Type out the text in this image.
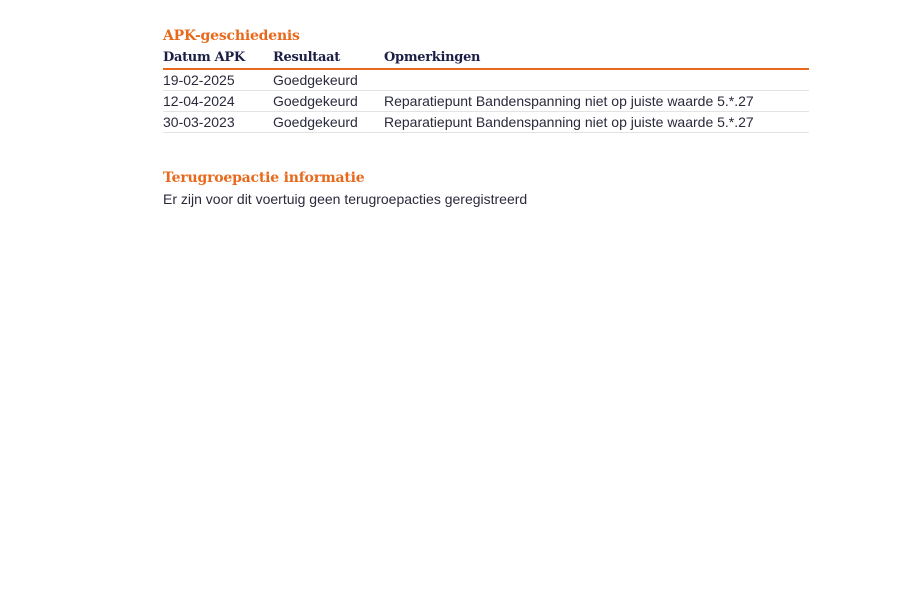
APK-geschiedenis
Datum APK	Resultaat	Opmerkingen
19-02-2025	Goedgekeurd	
12-04-2024	Goedgekeurd	Reparatiepunt Bandenspanning niet op juiste waarde 5.*.27
30-03-2023	Goedgekeurd	Reparatiepunt Bandenspanning niet op juiste waarde 5.*.27
Terugroepactie informatie
Er zijn voor dit voertuig geen terugroepacties geregistreerd
